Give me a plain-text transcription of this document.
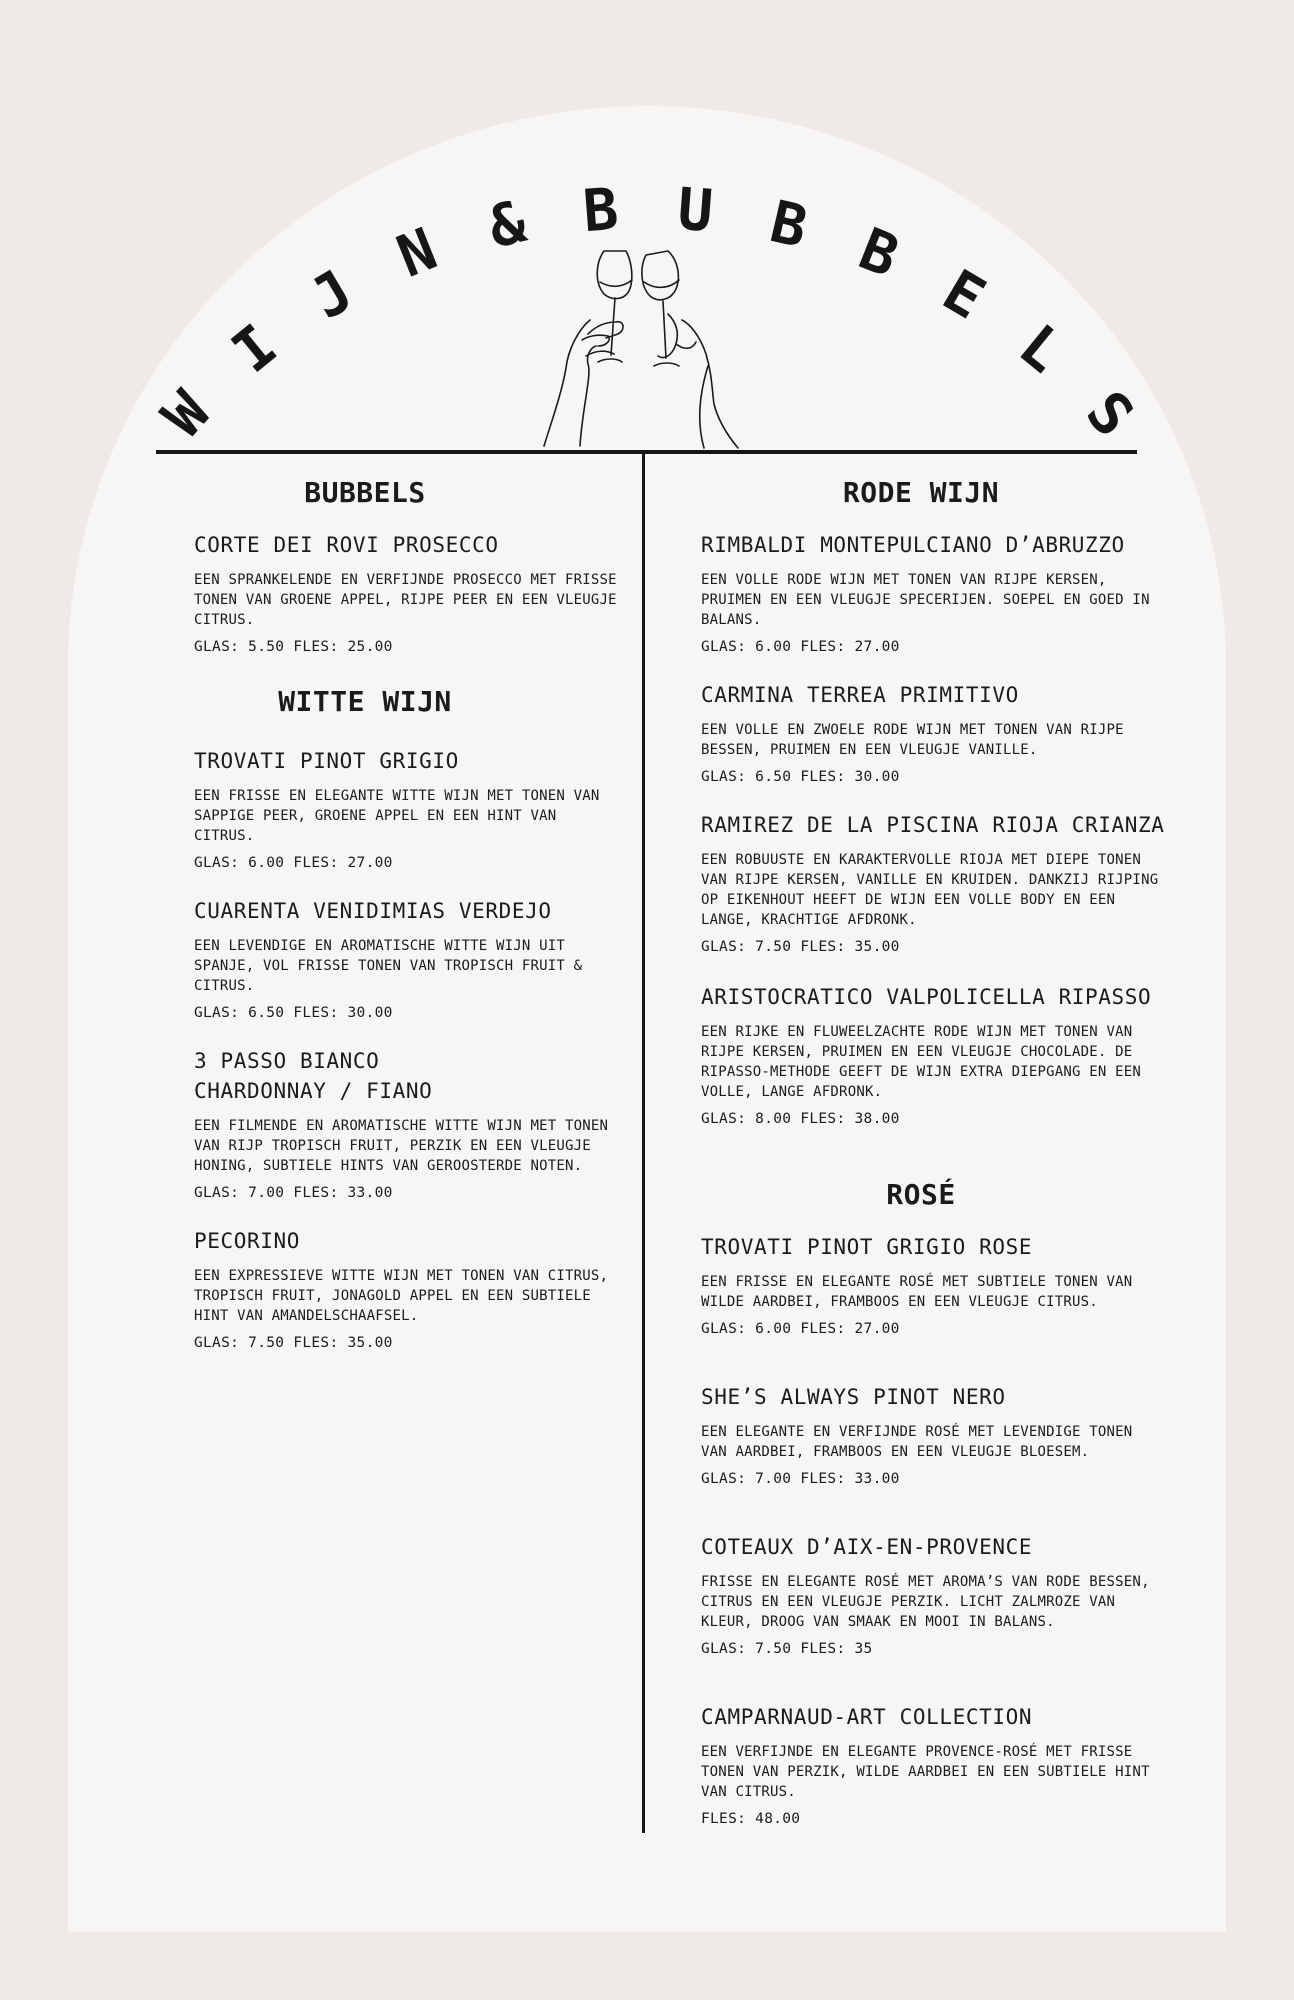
W
I
J
N & B U B B
E
L
S
BUBBELS

CORTE DEI ROVI PROSECCO

EEN SPRANKELENDE EN VERFIJNDE PROSECCO MET FRISSE TONEN VAN GROENE APPEL, RIJPE PEER EN EEN VLEUGJE CITRUS.

GLAS: 5.50 FLES: 25.00

WITTE WIJN

TROVATI PINOT GRIGIO

EEN FRISSE EN ELEGANTE WITTE WIJN MET TONEN VAN SAPPIGE PEER, GROENE APPEL EN EEN HINT VAN CITRUS.

GLAS: 6.00 FLES: 27.00

CUARENTA VENIDIMIAS VERDEJO

EEN LEVENDIGE EN AROMATISCHE WITTE WIJN UIT SPANJE, VOL FRISSE TONEN VAN TROPISCH FRUIT & CITRUS.

GLAS: 6.50 FLES: 30.00

3 PASSO BIANCO

CHARDONNAY / FIANO

EEN FILMENDE EN AROMATISCHE WITTE WIJN MET TONEN VAN RIJP TROPISCH FRUIT, PERZIK EN EEN VLEUGJE HONING, SUBTIELE HINTS VAN GEROOSTERDE NOTEN.

GLAS: 7.00 FLES: 33.00

PECORINO

EEN EXPRESSIEVE WITTE WIJN MET TONEN VAN CITRUS, TROPISCH FRUIT, JONAGOLD APPEL EN EEN SUBTIELE HINT VAN AMANDELSCHAAFSEL.

GLAS: 7.50 FLES: 35.00

RODE WIJN

RIMBALDI MONTEPULCIANO D’ABRUZZO

EEN VOLLE RODE WIJN MET TONEN VAN RIJPE KERSEN, PRUIMEN EN EEN VLEUGJE SPECERIJEN. SOEPEL EN GOED IN BALANS.

GLAS: 6.00 FLES: 27.00

CARMINA TERREA PRIMITIVO

EEN VOLLE EN ZWOELE RODE WIJN MET TONEN VAN RIJPE BESSEN, PRUIMEN EN EEN VLEUGJE VANILLE.

GLAS: 6.50 FLES: 30.00

RAMIREZ DE LA PISCINA RIOJA CRIANZA

EEN ROBUUSTE EN KARAKTERVOLLE RIOJA MET DIEPE TONEN VAN RIJPE KERSEN, VANILLE EN KRUIDEN. DANKZIJ RIJPING OP EIKENHOUT HEEFT DE WIJN EEN VOLLE BODY EN EEN LANGE, KRACHTIGE AFDRONK.

GLAS: 7.50 FLES: 35.00

ARISTOCRATICO VALPOLICELLA RIPASSO

EEN RIJKE EN FLUWEELZACHTE RODE WIJN MET TONEN VAN RIJPE KERSEN, PRUIMEN EN EEN VLEUGJE CHOCOLADE. DE RIPASSO-METHODE GEEFT DE WIJN EXTRA DIEPGANG EN EEN VOLLE, LANGE AFDRONK.

GLAS: 8.00 FLES: 38.00

ROSÉ

TROVATI PINOT GRIGIO ROSE

EEN FRISSE EN ELEGANTE ROSÉ MET SUBTIELE TONEN VAN WILDE AARDBEI, FRAMBOOS EN EEN VLEUGJE CITRUS.

GLAS: 6.00 FLES: 27.00

SHE’S ALWAYS PINOT NERO

EEN ELEGANTE EN VERFIJNDE ROSÉ MET LEVENDIGE TONEN VAN AARDBEI, FRAMBOOS EN EEN VLEUGJE BLOESEM.

GLAS: 7.00 FLES: 33.00

COTEAUX D’AIX-EN-PROVENCE

FRISSE EN ELEGANTE ROSÉ MET AROMA’S VAN RODE BESSEN, CITRUS EN EEN VLEUGJE PERZIK. LICHT ZALMROZE VAN KLEUR, DROOG VAN SMAAK EN MOOI IN BALANS.

GLAS: 7.50 FLES: 35

CAMPARNAUD-ART COLLECTION

EEN VERFIJNDE EN ELEGANTE PROVENCE-ROSÉ MET FRISSE TONEN VAN PERZIK, WILDE AARDBEI EN EEN SUBTIELE HINT VAN CITRUS.

FLES: 48.00
